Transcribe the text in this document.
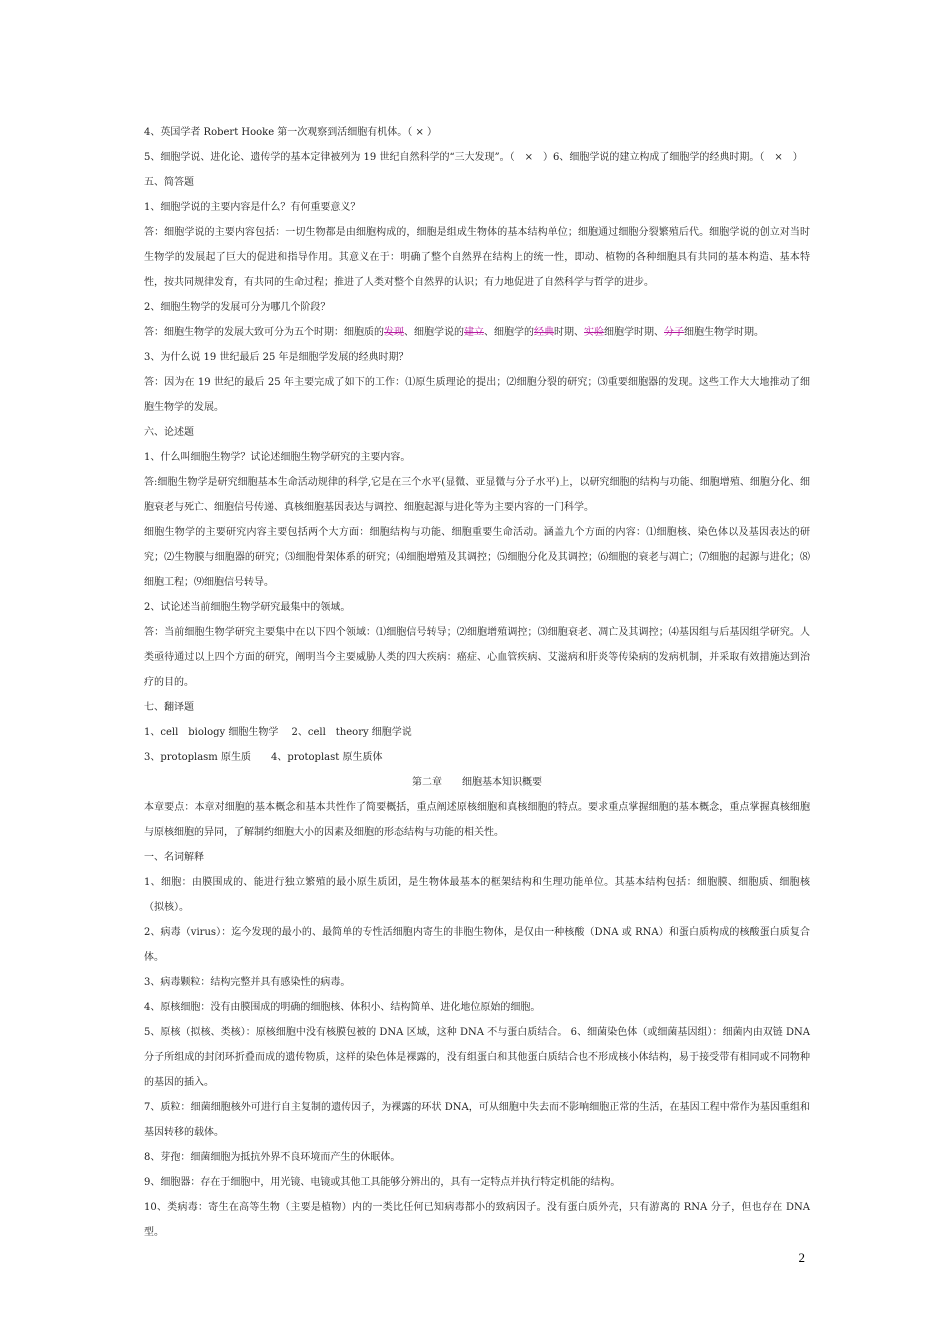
4、英国学者 Robert Hooke 第一次观察到活细胞有机体。（ × ）

5、细胞学说、进化论、遗传学的基本定律被列为 19 世纪自然科学的“三大发现”。（　×　）6、细胞学说的建立构成了细胞学的经典时期。（　×　）

五、简答题

1、细胞学说的主要内容是什么？有何重要意义？

答：细胞学说的主要内容包括：一切生物都是由细胞构成的，细胞是组成生物体的基本结构单位；细胞通过细胞分裂繁殖后代。细胞学说的创立对当时生物学的发展起了巨大的促进和指导作用。其意义在于：明确了整个自然界在结构上的统一性，即动、植物的各种细胞具有共同的基本构造、基本特性，按共同规律发育，有共同的生命过程；推进了人类对整个自然界的认识；有力地促进了自然科学与哲学的进步。

2、细胞生物学的发展可分为哪几个阶段？

答：细胞生物学的发展大致可分为五个时期：细胞质的发现、细胞学说的建立、细胞学的经典时期、实验细胞学时期、分子细胞生物学时期。

3、为什么说 19 世纪最后 25 年是细胞学发展的经典时期？

答：因为在 19 世纪的最后 25 年主要完成了如下的工作：⑴原生质理论的提出；⑵细胞分裂的研究；⑶重要细胞器的发现。这些工作大大地推动了细胞生物学的发展。

六、论述题

1、什么叫细胞生物学？试论述细胞生物学研究的主要内容。

答:细胞生物学是研究细胞基本生命活动规律的科学,它是在三个水平(显微、亚显微与分子水平)上，以研究细胞的结构与功能、细胞增殖、细胞分化、细胞衰老与死亡、细胞信号传递、真核细胞基因表达与调控、细胞起源与进化等为主要内容的一门科学。

细胞生物学的主要研究内容主要包括两个大方面：细胞结构与功能、细胞重要生命活动。涵盖九个方面的内容：⑴细胞核、染色体以及基因表达的研究；⑵生物膜与细胞器的研究；⑶细胞骨架体系的研究；⑷细胞增殖及其调控；⑸细胞分化及其调控；⑹细胞的衰老与凋亡；⑺细胞的起源与进化；⑻细胞工程；⑼细胞信号转导。

2、试论述当前细胞生物学研究最集中的领域。

答：当前细胞生物学研究主要集中在以下四个领域：⑴细胞信号转导；⑵细胞增殖调控；⑶细胞衰老、凋亡及其调控；⑷基因组与后基因组学研究。人类亟待通过以上四个方面的研究，阐明当今主要威胁人类的四大疾病：癌症、心血管疾病、艾滋病和肝炎等传染病的发病机制，并采取有效措施达到治疗的目的。

七、翻译题

1、cell　biology 细胞生物学　 2、cell　theory 细胞学说

3、protoplasm 原生质　　4、protoplast 原生质体

第二章　　细胞基本知识概要

本章要点：本章对细胞的基本概念和基本共性作了简要概括，重点阐述原核细胞和真核细胞的特点。要求重点掌握细胞的基本概念，重点掌握真核细胞与原核细胞的异同，了解制约细胞大小的因素及细胞的形态结构与功能的相关性。

一、名词解释

1、细胞：由膜围成的、能进行独立繁殖的最小原生质团，是生物体最基本的框架结构和生理功能单位。其基本结构包括：细胞膜、细胞质、细胞核（拟核）。

2、病毒（virus）：迄今发现的最小的、最简单的专性活细胞内寄生的非胞生物体，是仅由一种核酸（DNA 或 RNA）和蛋白质构成的核酸蛋白质复合体。

3、病毒颗粒：结构完整并具有感染性的病毒。

4、原核细胞：没有由膜围成的明确的细胞核、体积小、结构简单、进化地位原始的细胞。

5、原核（拟核、类核）：原核细胞中没有核膜包被的 DNA 区域，这种 DNA 不与蛋白质结合。 6、细菌染色体（或细菌基因组）：细菌内由双链 DNA 分子所组成的封闭环折叠而成的遗传物质，这样的染色体是裸露的，没有组蛋白和其他蛋白质结合也不形成核小体结构，易于接受带有相同或不同物种的基因的插入。

7、质粒：细菌细胞核外可进行自主复制的遗传因子，为裸露的环状 DNA，可从细胞中失去而不影响细胞正常的生活，在基因工程中常作为基因重组和基因转移的载体。

8、芽孢：细菌细胞为抵抗外界不良环境而产生的休眠体。

9、细胞器：存在于细胞中，用光镜、电镜或其他工具能够分辨出的，具有一定特点并执行特定机能的结构。

10、类病毒：寄生在高等生物（主要是植物）内的一类比任何已知病毒都小的致病因子。没有蛋白质外壳，只有游离的 RNA 分子，但也存在 DNA 型。

2
